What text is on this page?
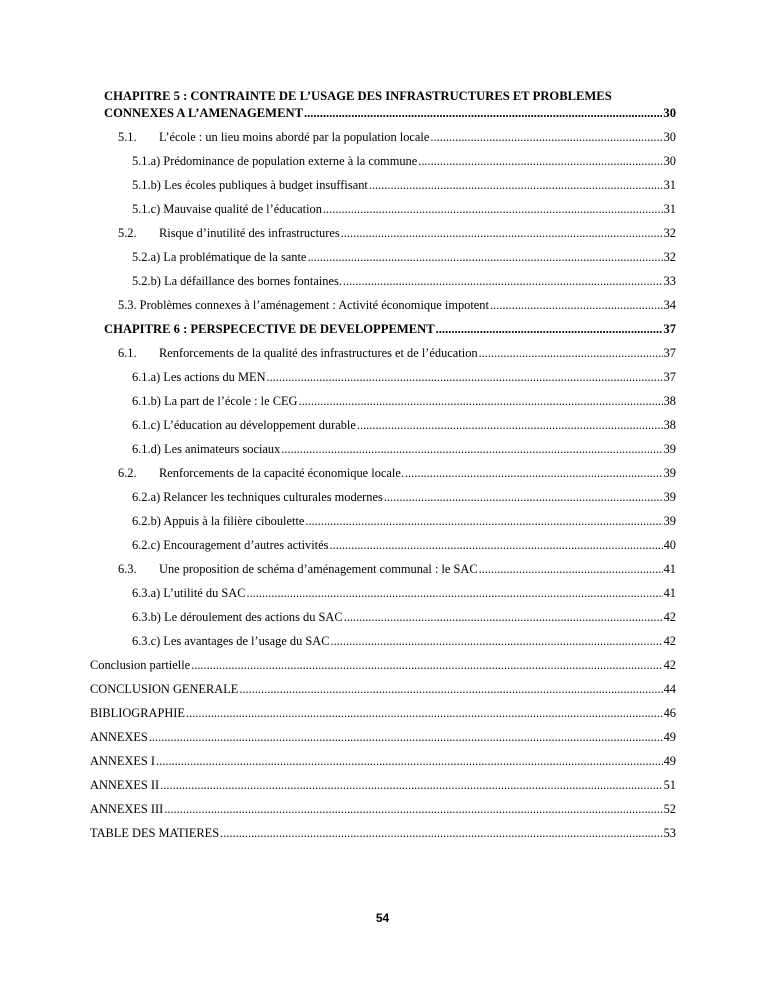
CHAPITRE 5 : CONTRAINTE DE L’USAGE DES INFRASTRUCTURES ET PROBLEMES
CONNEXES A L’AMENAGEMENT .....	30
5.1. L’école : un lieu moins abordé par la population locale .....	30
5.1.a) Prédominance de population externe à la commune .....	30
5.1.b) Les écoles publiques à budget insuffisant .....	31
5.1.c) Mauvaise qualité de l’éducation .....	31
5.2. Risque d’inutilité des infrastructures .....	32
5.2.a) La problématique de la sante .....	32
5.2.b) La défaillance des bornes fontaines. .....	33
5.3. Problèmes connexes à l’aménagement : Activité économique impotent .....	34
CHAPITRE 6 : PERSPECECTIVE DE DEVELOPPEMENT .....	37
6.1. Renforcements de la qualité des infrastructures et de l’éducation .....	37
6.1.a) Les actions du MEN .....	37
6.1.b) La part de l’école : le CEG .....	38
6.1.c) L’éducation au développement durable .....	38
6.1.d) Les animateurs sociaux .....	39
6.2. Renforcements de la capacité économique locale. .....	39
6.2.a) Relancer les techniques culturales modernes .....	39
6.2.b) Appuis à la filière ciboulette .....	39
6.2.c) Encouragement d’autres activités .....	40
6.3. Une proposition de schéma d’aménagement communal : le SAC .....	41
6.3.a) L’utilité du SAC .....	41
6.3.b) Le déroulement des actions du SAC .....	42
6.3.c) Les avantages de l’usage du SAC .....	42
Conclusion partielle .....	42
CONCLUSION GENERALE .....	44
BIBLIOGRAPHIE .....	46
ANNEXES .....	49
ANNEXES I .....	49
ANNEXES II .....	51
ANNEXES III .....	52
TABLE DES MATIERES .....	53
54
